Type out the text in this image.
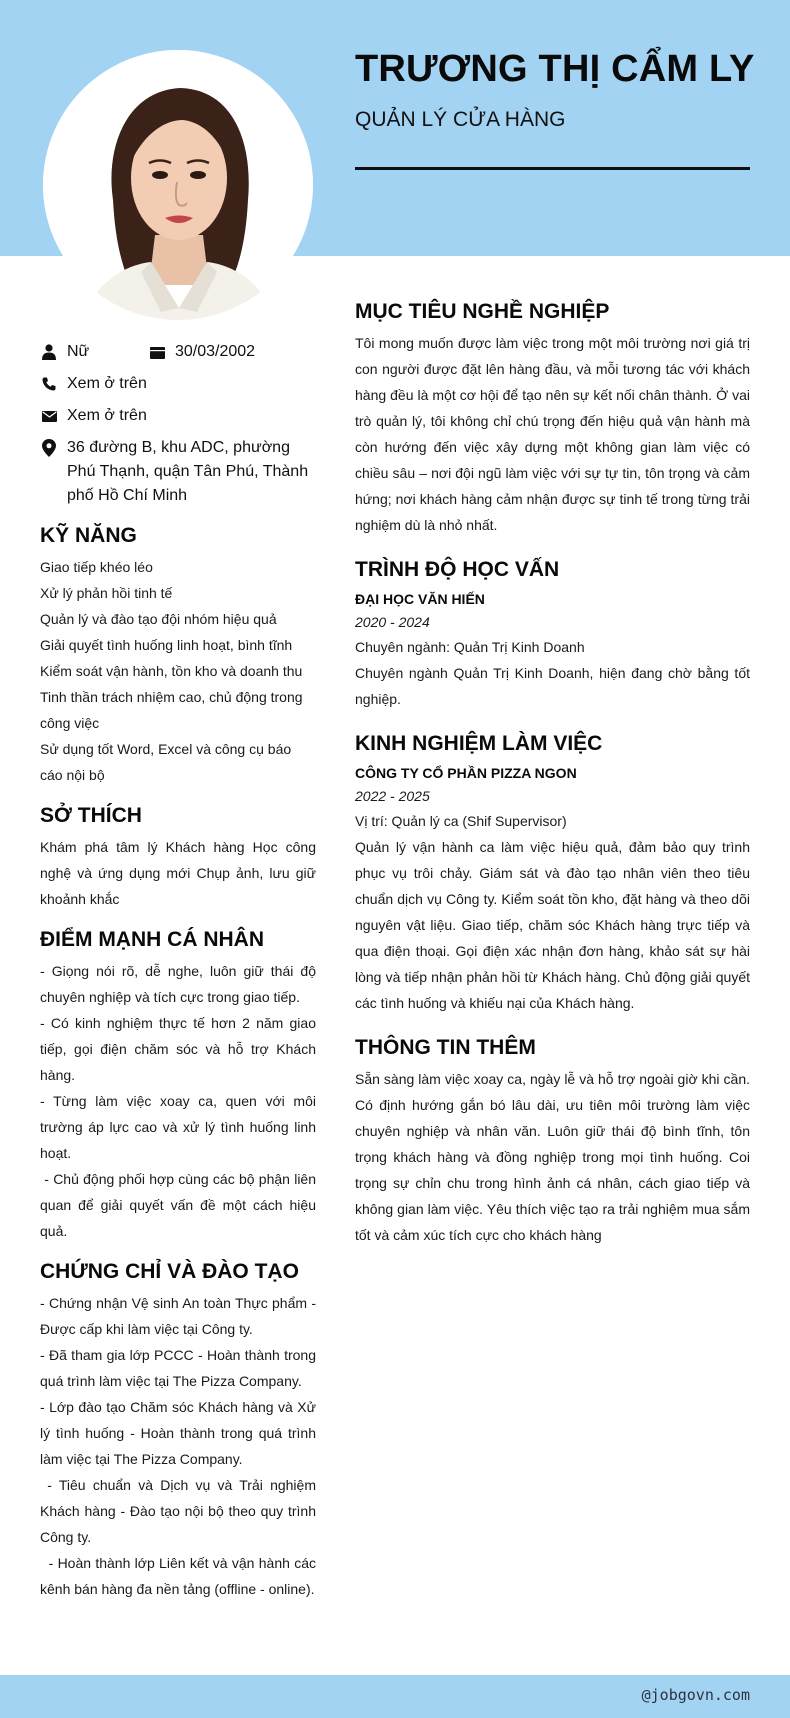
TRƯƠNG THỊ CẨM LY
QUẢN LÝ CỬA HÀNG
Nữ	30/03/2002
Xem ở trên
Xem ở trên
36 đường B, khu ADC, phường Phú Thạnh, quận Tân Phú, Thành phố Hồ Chí Minh
KỸ NĂNG
Giao tiếp khéo léo
Xử lý phản hồi tinh tế
Quản lý và đào tạo đội nhóm hiệu quả
Giải quyết tình huống linh hoạt, bình tĩnh
Kiểm soát vận hành, tồn kho và doanh thu
Tinh thần trách nhiệm cao, chủ động trong công việc
Sử dụng tốt Word, Excel và công cụ báo cáo nội bộ
SỞ THÍCH
Khám phá tâm lý Khách hàng Học công nghệ và ứng dụng mới Chụp ảnh, lưu giữ khoảnh khắc
ĐIỂM MẠNH CÁ NHÂN
- Giọng nói rõ, dễ nghe, luôn giữ thái độ chuyên nghiệp và tích cực trong giao tiếp.
- Có kinh nghiệm thực tế hơn 2 năm giao tiếp, gọi điện chăm sóc và hỗ trợ Khách hàng.
- Từng làm việc xoay ca, quen với môi trường áp lực cao và xử lý tình huống linh hoạt.
- Chủ động phối hợp cùng các bộ phận liên quan để giải quyết vấn đề một cách hiệu quả.
CHỨNG CHỈ VÀ ĐÀO TẠO
- Chứng nhận Vệ sinh An toàn Thực phẩm -  Được cấp khi làm việc tại Công ty.
- Đã tham gia lớp PCCC - Hoàn thành trong quá trình làm việc tại The Pizza Company.
- Lớp đào tạo Chăm sóc Khách hàng và Xử lý tình huống - Hoàn thành trong quá trình làm việc tại The Pizza Company.
- Tiêu chuẩn và Dịch vụ và Trải nghiệm Khách hàng - Đào tạo nội bộ theo quy trình Công ty.
- Hoàn thành lớp Liên kết và vận hành các kênh bán hàng đa nền tảng (offline - online).
MỤC TIÊU NGHỀ NGHIỆP
Tôi mong muốn được làm việc trong một môi trường nơi giá trị con người được đặt lên hàng đầu, và mỗi tương tác với khách hàng đều là một cơ hội để tạo nên sự kết nối chân thành. Ở vai trò quản lý, tôi không chỉ chú trọng đến hiệu quả vận hành mà còn hướng đến việc xây dựng một không gian làm việc có chiều sâu – nơi đội ngũ làm việc với sự tự tin, tôn trọng và cảm hứng; nơi khách hàng cảm nhận được sự tinh tế trong từng trải nghiệm dù là nhỏ nhất.
TRÌNH ĐỘ HỌC VẤN
ĐẠI HỌC VĂN HIẾN
2020 - 2024
Chuyên ngành: Quản Trị Kinh Doanh
Chuyên ngành Quản Trị Kinh Doanh, hiện đang chờ bằng tốt nghiệp.
KINH NGHIỆM LÀM VIỆC
CÔNG TY CỔ PHẦN PIZZA NGON
2022 - 2025
Vị trí: Quản lý ca (Shif Supervisor)
Quản lý vận hành ca làm việc hiệu quả, đảm bảo quy trình phục vụ trôi chảy. Giám sát và đào tạo nhân viên theo tiêu chuẩn dịch vụ Công ty. Kiểm soát tồn kho, đặt hàng và theo dõi nguyên vật liệu. Giao tiếp, chăm sóc Khách hàng trực tiếp và qua điện thoại. Gọi điện xác nhận đơn hàng, khảo sát sự hài lòng và tiếp nhận phản hồi từ Khách hàng. Chủ động giải quyết các tình huống và khiếu nại của Khách hàng.
THÔNG TIN THÊM
Sẵn sàng làm việc xoay ca, ngày lễ và hỗ trợ ngoài giờ khi cần. Có định hướng gắn bó lâu dài, ưu tiên môi trường làm việc chuyên nghiệp và nhân văn. Luôn giữ thái độ bình tĩnh, tôn trọng khách hàng và đồng nghiệp trong mọi tình huống. Coi trọng sự chỉn chu trong hình ảnh cá nhân, cách giao tiếp và không gian làm việc. Yêu thích việc tạo ra trải nghiệm mua sắm tốt và cảm xúc tích cực cho khách hàng
@jobgovn.com
